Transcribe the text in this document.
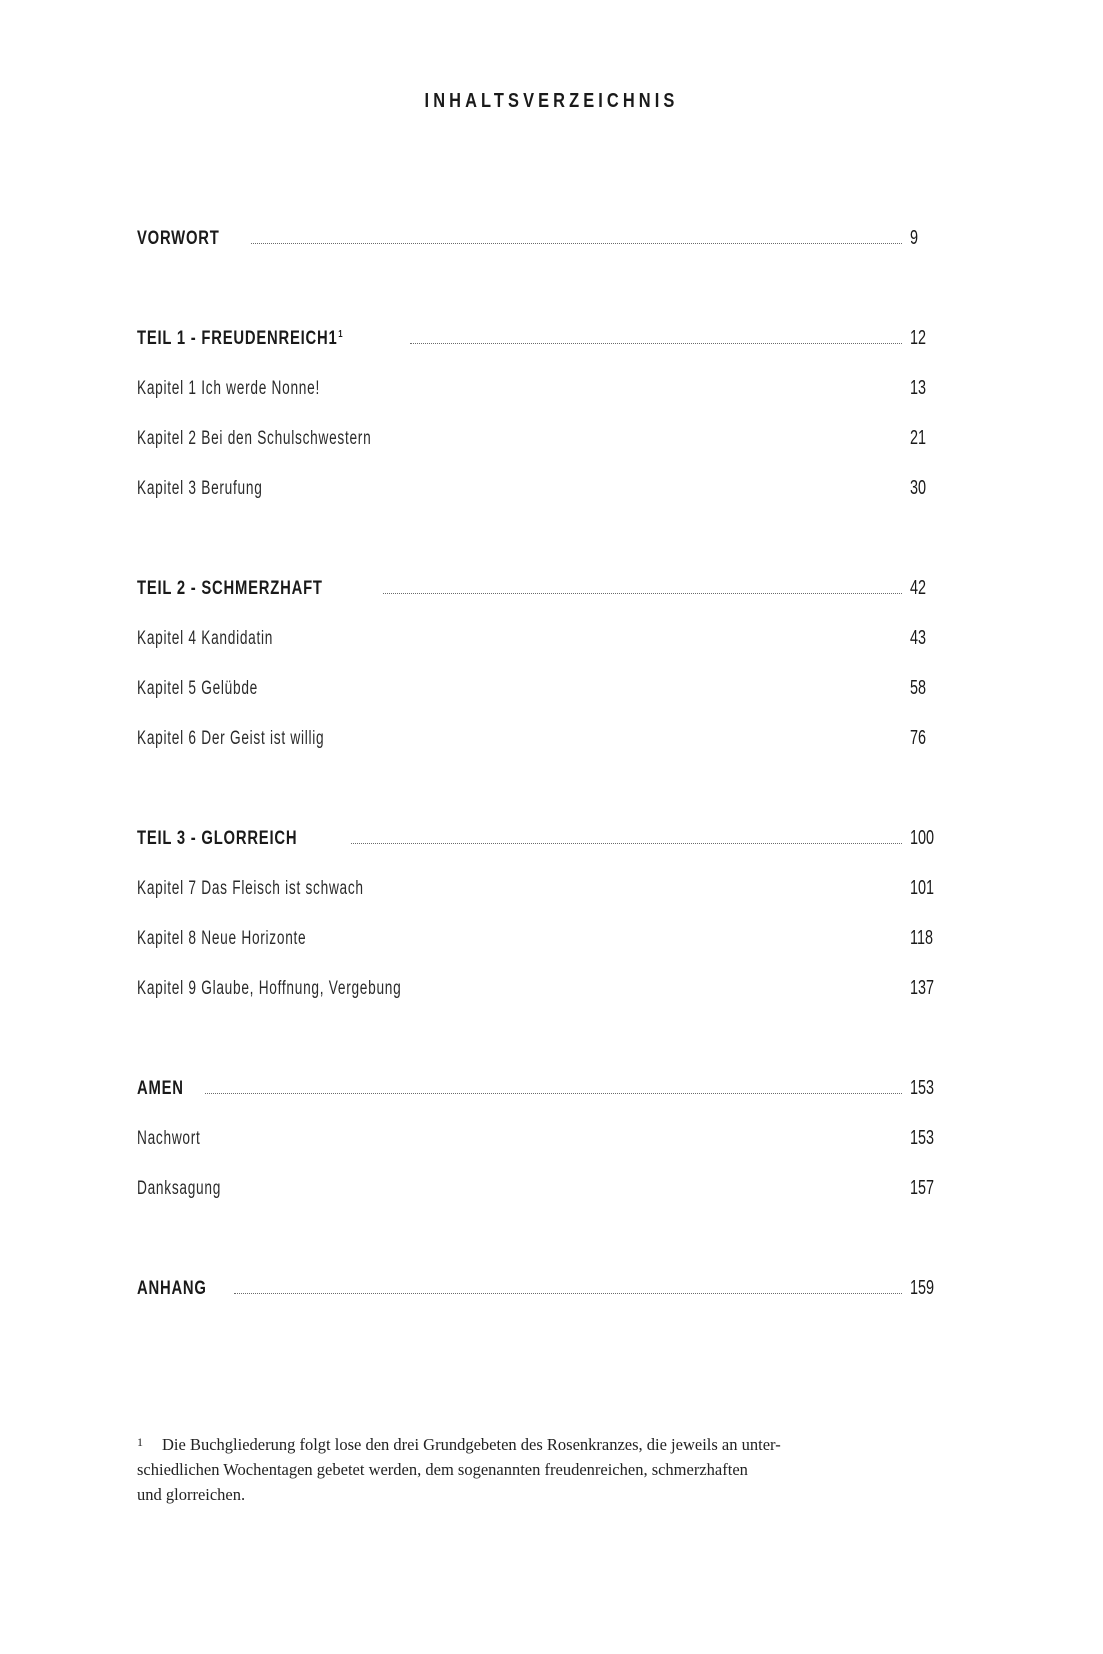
INHALTSVERZEICHNIS
VORWORT	9
TEIL 1 - FREUDENREICH1$^1$	12
Kapitel 1 Ich werde Nonne!	13
Kapitel 2 Bei den Schulschwestern	21
Kapitel 3 Berufung	30
TEIL 2 - SCHMERZHAFT	42
Kapitel 4 Kandidatin	43
Kapitel 5 Gelübde	58
Kapitel 6 Der Geist ist willig	76
TEIL 3 - GLORREICH	100
Kapitel 7 Das Fleisch ist schwach	101
Kapitel 8 Neue Horizonte	118
Kapitel 9 Glaube, Hoffnung, Vergebung	137
AMEN	153
Nachwort	153
Danksagung	157
ANHANG	159
1 Die Buchgliederung folgt lose den drei Grundgebeten des Rosenkranzes, die jeweils an unter-
schiedlichen Wochentagen gebetet werden, dem sogenannten freudenreichen, schmerzhaften
und glorreichen.
